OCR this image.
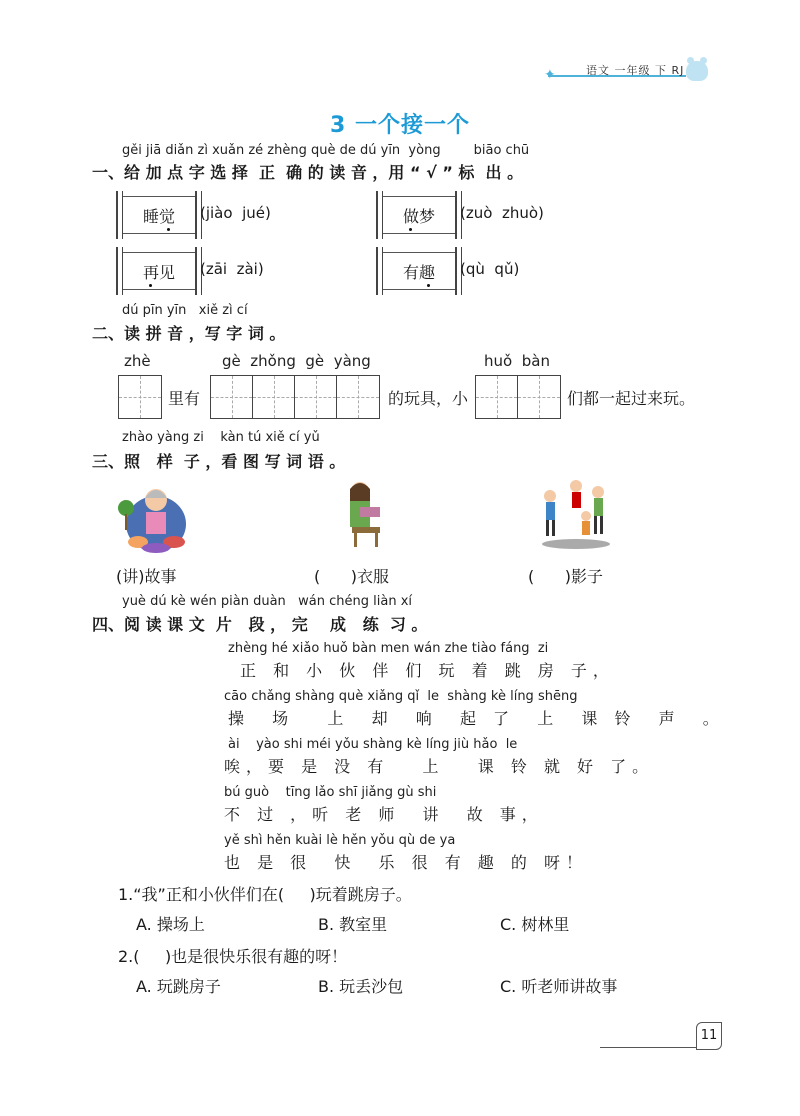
✦	语文 一年级 下 RJ
3 一个接一个
gěi jiā diǎn zì xuǎn zé zhèng què de dú yīn  yòng        biāo chū
一、给 加 点 字 选 择  正  确 的 读 音 ，用 “ √ ” 标  出 。
睡觉	(jiào  jué)	做梦	(zuò  zhuò)
再见	(zāi  zài)	有趣	(qù  qǔ)
dú pīn yīn   xiě zì cí
二、读 拼 音 ，写 字 词 。
zhè	gè  zhǒng  gè  yàng	huǒ  bàn
里有	的玩具，小	们都一起过来玩。
zhào yàng zi    kàn tú xiě cí yǔ
三、照   样  子 ，看 图 写 词 语 。
(讲)故事	(      )衣服	(      )影子
yuè dú kè wén piàn duàn   wán chéng liàn xí
四、阅 读 课 文  片   段 ， 完    成   练  习 。
zhèng hé xiǎo huǒ bàn men wán zhe tiào fáng  zi
正 和 小 伙 伴 们 玩 着 跳 房 子，
cāo chǎng shàng què xiǎng qǐ  le  shàng kè líng shēng
操  场   上  却  响  起 了  上  课 铃  声  。
ài    yào shi méi yǒu shàng kè líng jiù hǎo  le
唉，要 是 没 有   上   课 铃 就 好 了。
bú guò    tīng lǎo shī jiǎng gù shi
不 过 ，听 老 师  讲  故 事，
yě shì hěn kuài lè hěn yǒu qù de ya
也 是 很  快  乐 很 有 趣 的 呀！
1.“我”正和小伙伴们在(     )玩着跳房子。
A. 操场上	B. 教室里	C. 树林里
2.(     )也是很快乐很有趣的呀！
A. 玩跳房子	B. 玩丢沙包	C. 听老师讲故事
11
